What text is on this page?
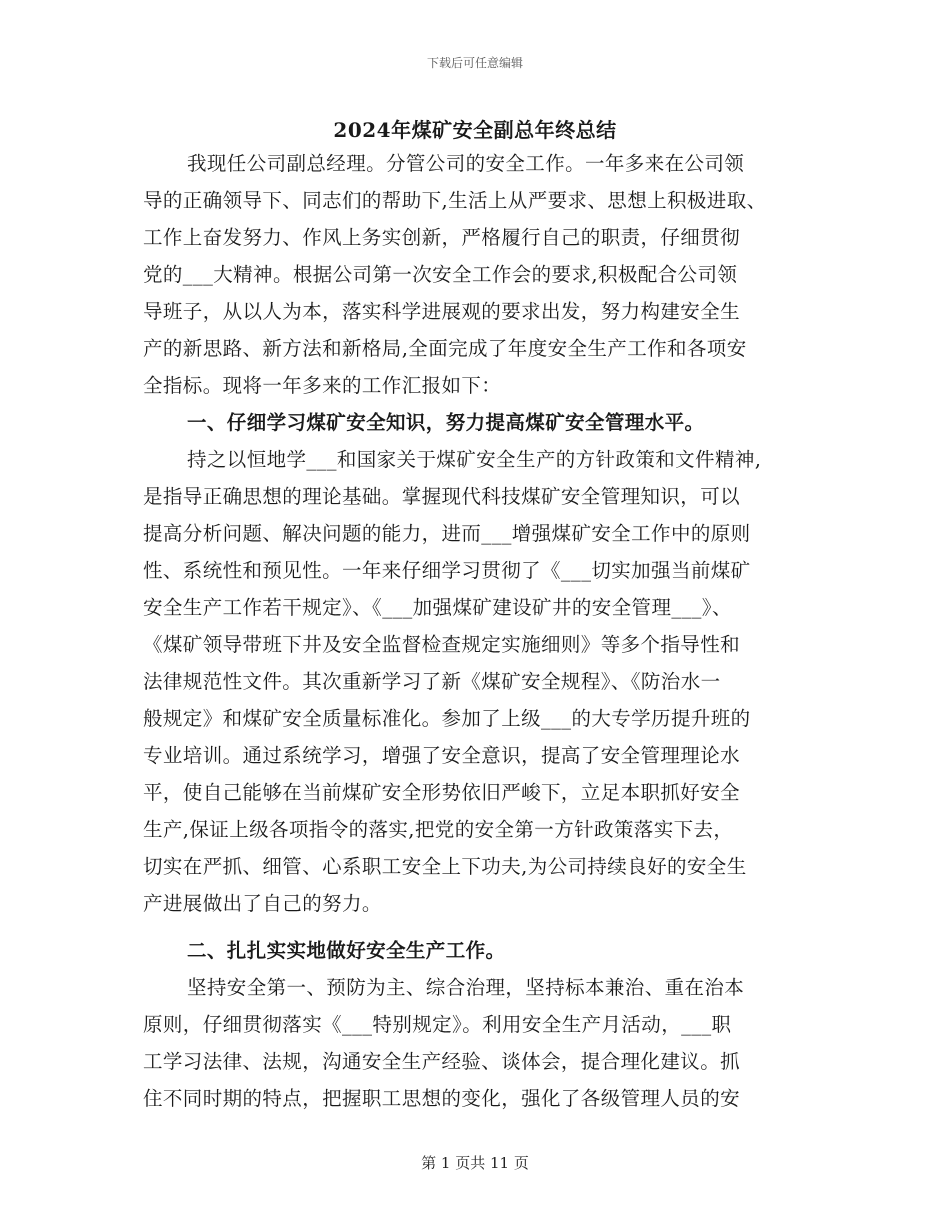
下载后可任意编辑
2024年煤矿安全副总年终总结
我现任公司副总经理。分管公司的安全工作。一年多来在公司领
导的正确领导下、同志们的帮助下,生活上从严要求、思想上积极进取、
工作上奋发努力、作风上务实创新，严格履行自己的职责，仔细贯彻
党的___大精神。根据公司第一次安全工作会的要求,积极配合公司领
导班子，从以人为本，落实科学进展观的要求出发，努力构建安全生
产的新思路、新方法和新格局,全面完成了年度安全生产工作和各项安
全指标。现将一年多来的工作汇报如下：
一、仔细学习煤矿安全知识，努力提高煤矿安全管理水平。
持之以恒地学___和国家关于煤矿安全生产的方针政策和文件精神,
是指导正确思想的理论基础。掌握现代科技煤矿安全管理知识，可以
提高分析问题、解决问题的能力，进而___增强煤矿安全工作中的原则
性、系统性和预见性。一年来仔细学习贯彻了《___切实加强当前煤矿
安全生产工作若干规定》、《___加强煤矿建设矿井的安全管理___》、
《煤矿领导带班下井及安全监督检查规定实施细则》等多个指导性和
法律规范性文件。其次重新学习了新《煤矿安全规程》、《防治水一
般规定》和煤矿安全质量标准化。参加了上级___的大专学历提升班的
专业培训。通过系统学习，增强了安全意识，提高了安全管理理论水
平，使自己能够在当前煤矿安全形势依旧严峻下，立足本职抓好安全
生产,保证上级各项指令的落实,把党的安全第一方针政策落实下去，
切实在严抓、细管、心系职工安全上下功夫,为公司持续良好的安全生
产进展做出了自己的努力。
二、扎扎实实地做好安全生产工作。
坚持安全第一、预防为主、综合治理，坚持标本兼治、重在治本
原则，仔细贯彻落实《___特别规定》。利用安全生产月活动，___职
工学习法律、法规，沟通安全生产经验、谈体会，提合理化建议。抓
住不同时期的特点，把握职工思想的变化，强化了各级管理人员的安
第 1 页共 11 页
